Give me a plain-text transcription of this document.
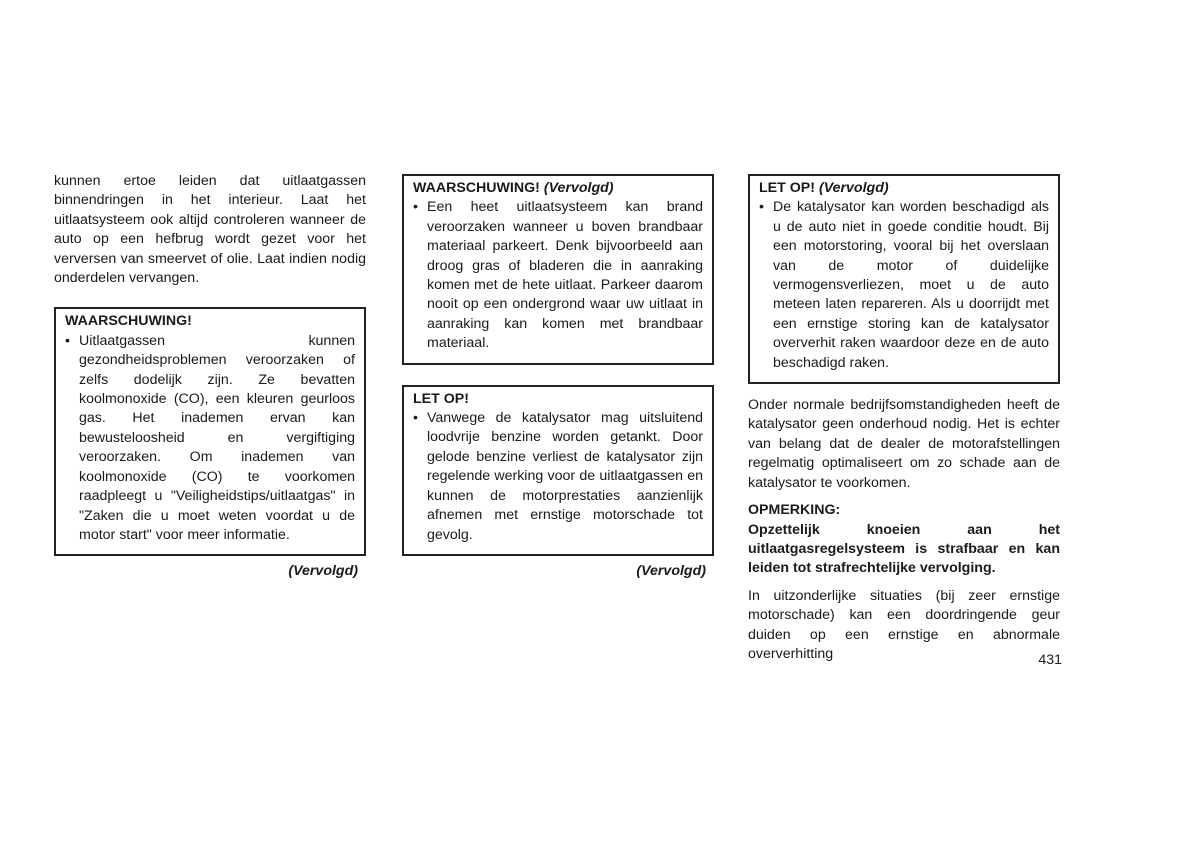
kunnen ertoe leiden dat uitlaatgassen binnendringen in het interieur. Laat het uitlaatsysteem ook altijd controleren wanneer de auto op een hefbrug wordt gezet voor het verversen van smeervet of olie. Laat indien nodig onderdelen vervangen.

WAARSCHUWING!

• Uitlaatgassen kunnen gezondheidsproblemen veroorzaken of zelfs dodelijk zijn. Ze bevatten koolmonoxide (CO), een kleuren geurloos gas. Het inademen ervan kan bewusteloosheid en vergiftiging veroorzaken. Om inademen van koolmonoxide (CO) te voorkomen raadpleegt u "Veiligheidstips/uitlaatgas" in "Zaken die u moet weten voordat u de motor start" voor meer informatie.

(Vervolgd)

WAARSCHUWING! (Vervolgd)

• Een heet uitlaatsysteem kan brand veroorzaken wanneer u boven brandbaar materiaal parkeert. Denk bijvoorbeeld aan droog gras of bladeren die in aanraking komen met de hete uitlaat. Parkeer daarom nooit op een ondergrond waar uw uitlaat in aanraking kan komen met brandbaar materiaal.

LET OP!

• Vanwege de katalysator mag uitsluitend loodvrije benzine worden getankt. Door gelode benzine verliest de katalysator zijn regelende werking voor de uitlaatgassen en kunnen de motorprestaties aanzienlijk afnemen met ernstige motorschade tot gevolg.

(Vervolgd)

LET OP! (Vervolgd)

• De katalysator kan worden beschadigd als u de auto niet in goede conditie houdt. Bij een motorstoring, vooral bij het overslaan van de motor of duidelijke vermogensverliezen, moet u de auto meteen laten repareren. Als u doorrijdt met een ernstige storing kan de katalysator oververhit raken waardoor deze en de auto beschadigd raken.

Onder normale bedrijfsomstandigheden heeft de katalysator geen onderhoud nodig. Het is echter van belang dat de dealer de motorafstellingen regelmatig optimaliseert om zo schade aan de katalysator te voorkomen.

OPMERKING:

Opzettelijk knoeien aan het uitlaatgasregelsysteem is strafbaar en kan leiden tot strafrechtelijke vervolging.

In uitzonderlijke situaties (bij zeer ernstige motorschade) kan een doordringende geur duiden op een ernstige en abnormale oververhitting	431
